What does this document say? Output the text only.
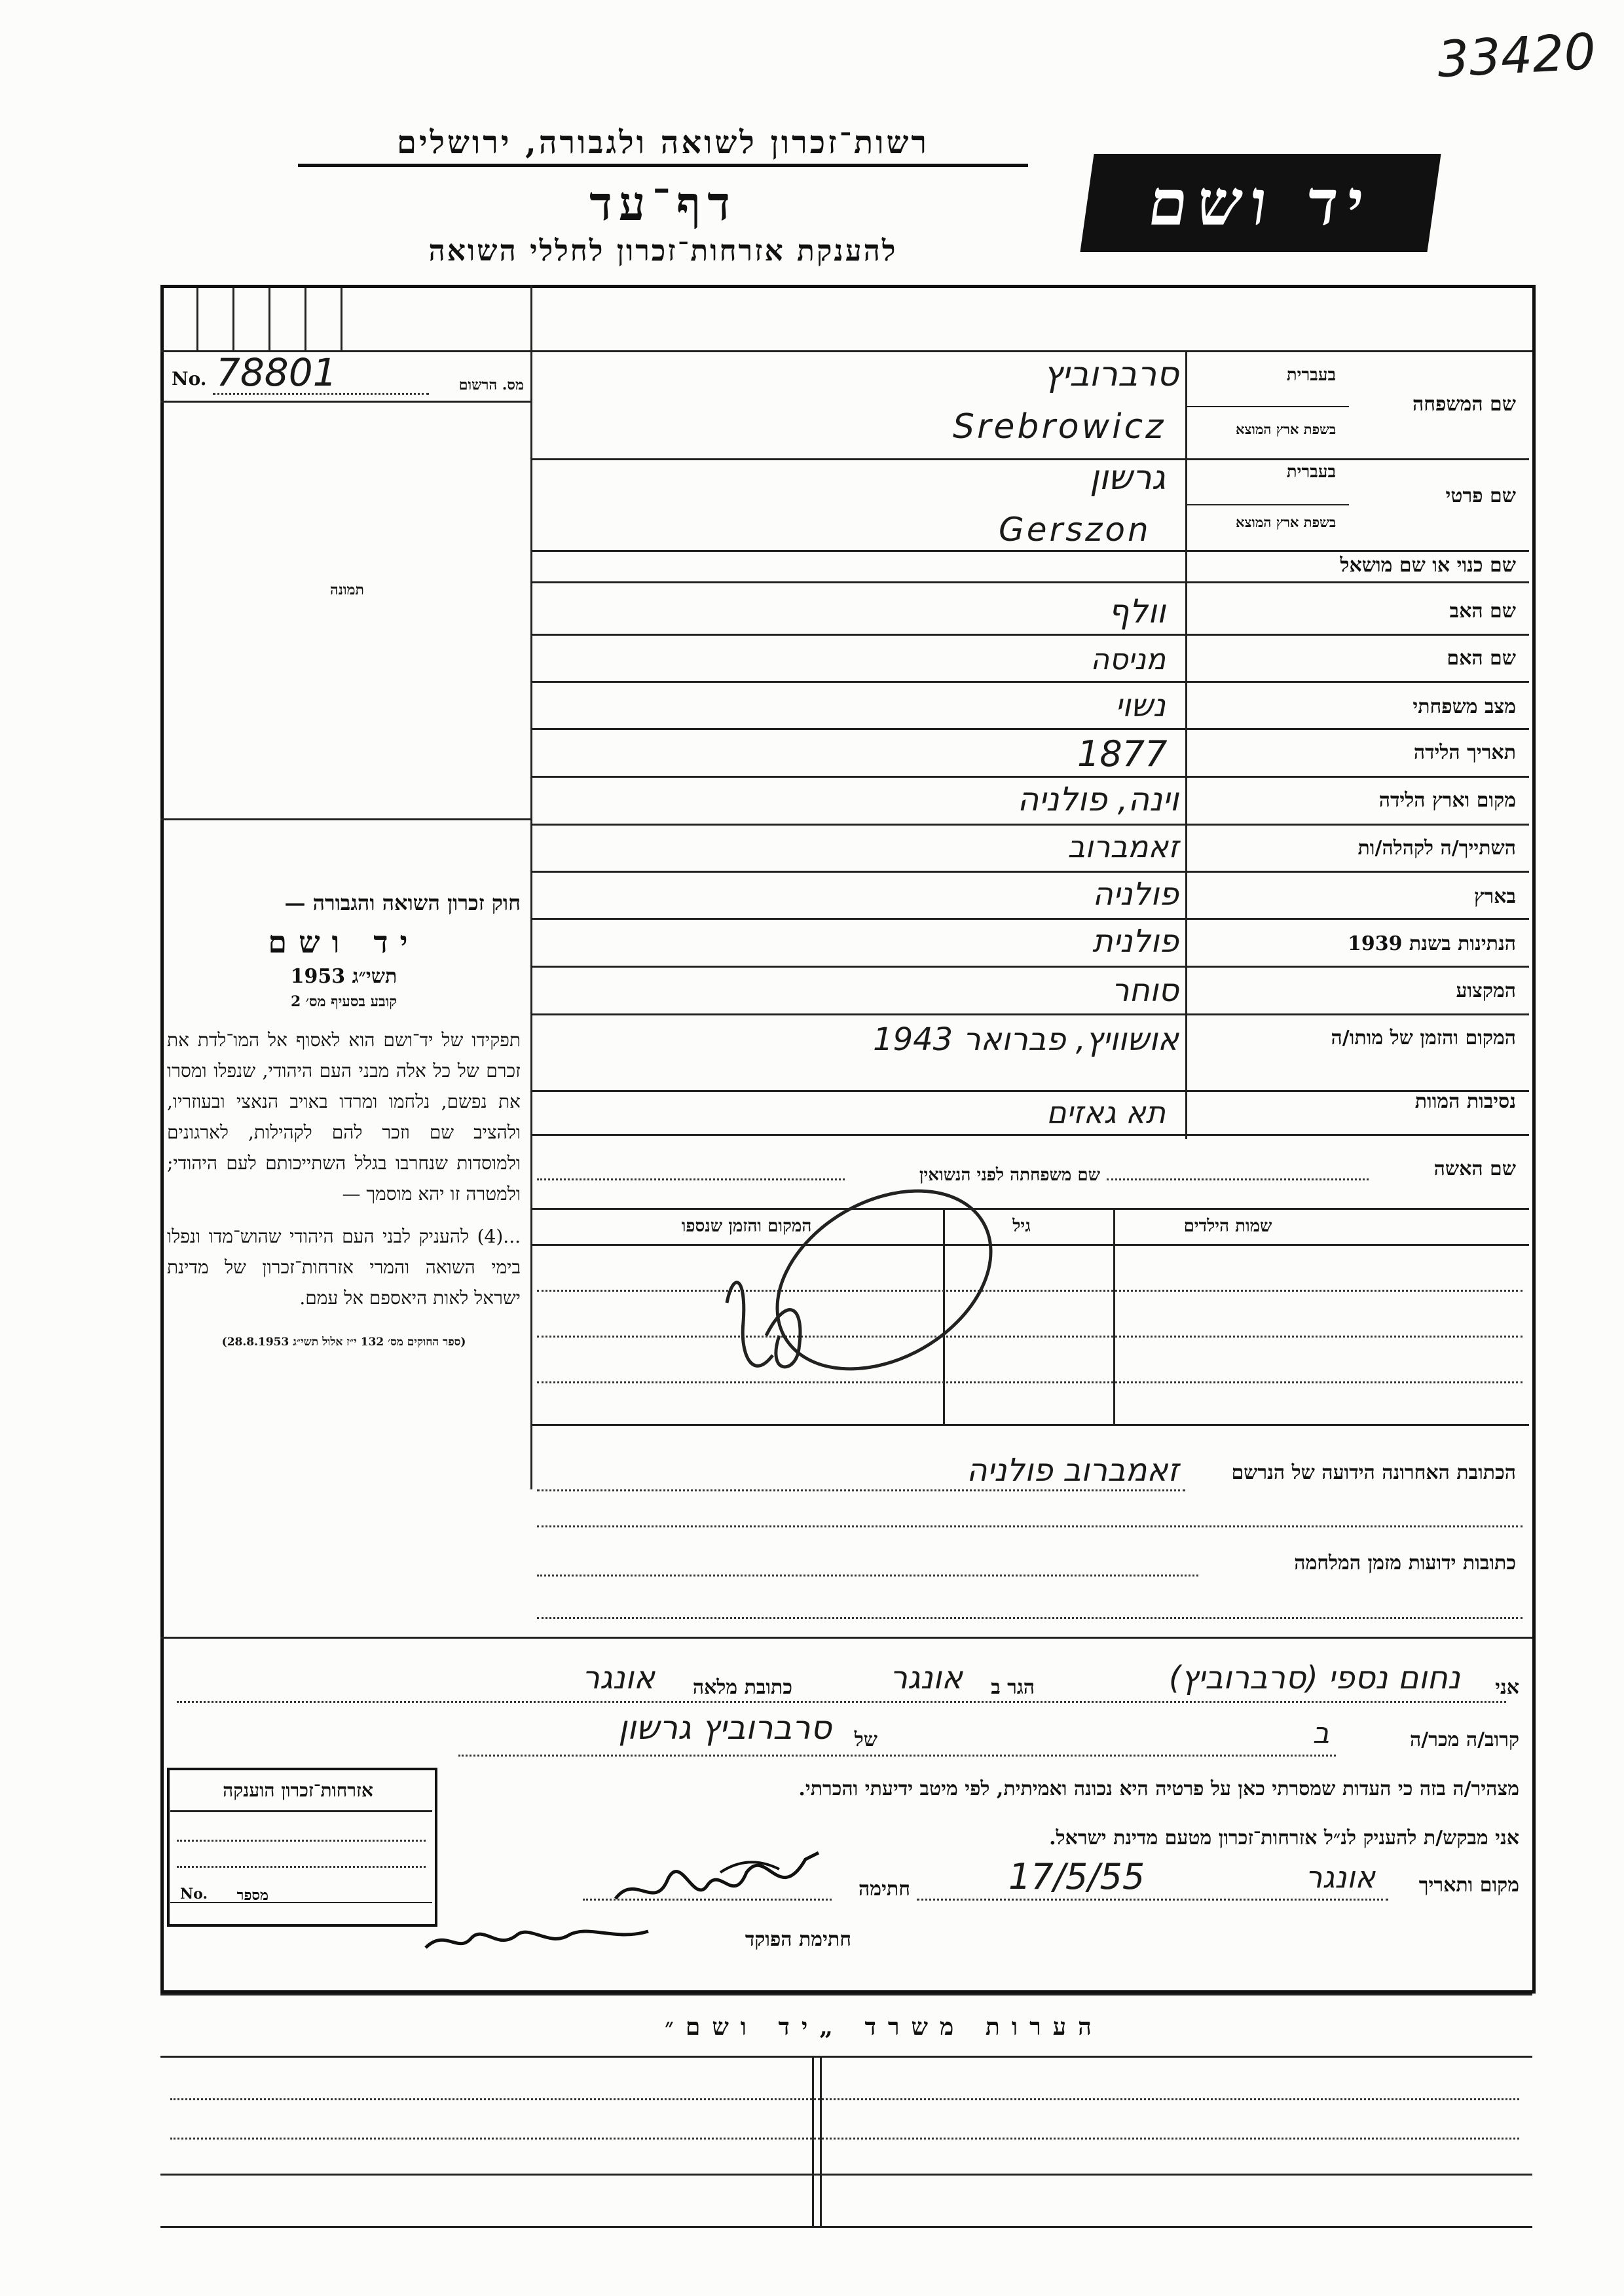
33420
רשות־זכרון לשואה ולגבורה, ירושלים
דף־עד
להענקת אזרחות־זכרון לחללי השואה
יד ושם
No. 78801	מס. הרשום
תמונה
חוק זכרון השואה והגבורה —
יד ושם
תשי״ג 1953
קובע בסעיף מס׳ 2
תפקידו של יד־ושם הוא לאסוף אל המו־לדת את זכרם של כל אלה מבני העם היהודי, שנפלו ומסרו את נפשם, נלחמו ומרדו באויב הנאצי ובעוזריו, ולהציב שם וזכר להם לקהילות, לארגונים ולמוסדות שנחרבו בגלל השתייכותם לעם היהודי; ולמטרה זו יהא מוסמך —
...(4) להעניק לבני העם היהודי שהוש־מדו ונפלו בימי השואה והמרי אזרחות־זכרון של מדינת ישראל לאות היאספם אל עמם.
(ספר החוקים מס׳ 132 י״ז אלול תשי״ג 28.8.1953)
שם המשפחה
בעברית
בשפת ארץ המוצא
סרברוביץ
Srebrowicz
שם פרטי
בעברית
בשפת ארץ המוצא
גרשון
Gerszon
שם כנוי או שם מושאל
שם האב
וולף
שם האם
מניסה
מצב משפחתי
נשוי
תאריך הלידה
1877
מקום וארץ הלידה
וינה, פולניה
השתייך/ה לקהלה/ות
זאמברוב
בארץ
פולניה
הנתינות בשנת 1939
פולנית
המקצוע
סוחר
המקום והזמן של מותו/ה
אושוויץ, פברואר 1943
נסיבות המוות
תא גאזים
שם האשה
שם משפחתה לפני הנשואין
שמות הילדים
גיל
המקום והזמן שנספו
הכתובת האחרונה הידועה של הנרשם
זאמברוב פולניה
כתובות ידועות מזמן המלחמה
אני
נחום נספי (סרברוביץ)
הגר ב
אונגר
כתובת מלאה
אונגר
קרוב/ה מכר/ה
ב
של
סרברוביץ גרשון
מצהיר/ה בזה כי העדות שמסרתי כאן על פרטיה היא נכונה ואמיתית, לפי מיטב ידיעתי והכרתי.
אני מבקש/ת להעניק לנ״ל אזרחות־זכרון מטעם מדינת ישראל.
מקום ותאריך
אונגר
17/5/55
חתימה
חתימת הפוקד
אזרחות־זכרון הוענקה
No.	מספר
הערות משרד „יד ושם״
